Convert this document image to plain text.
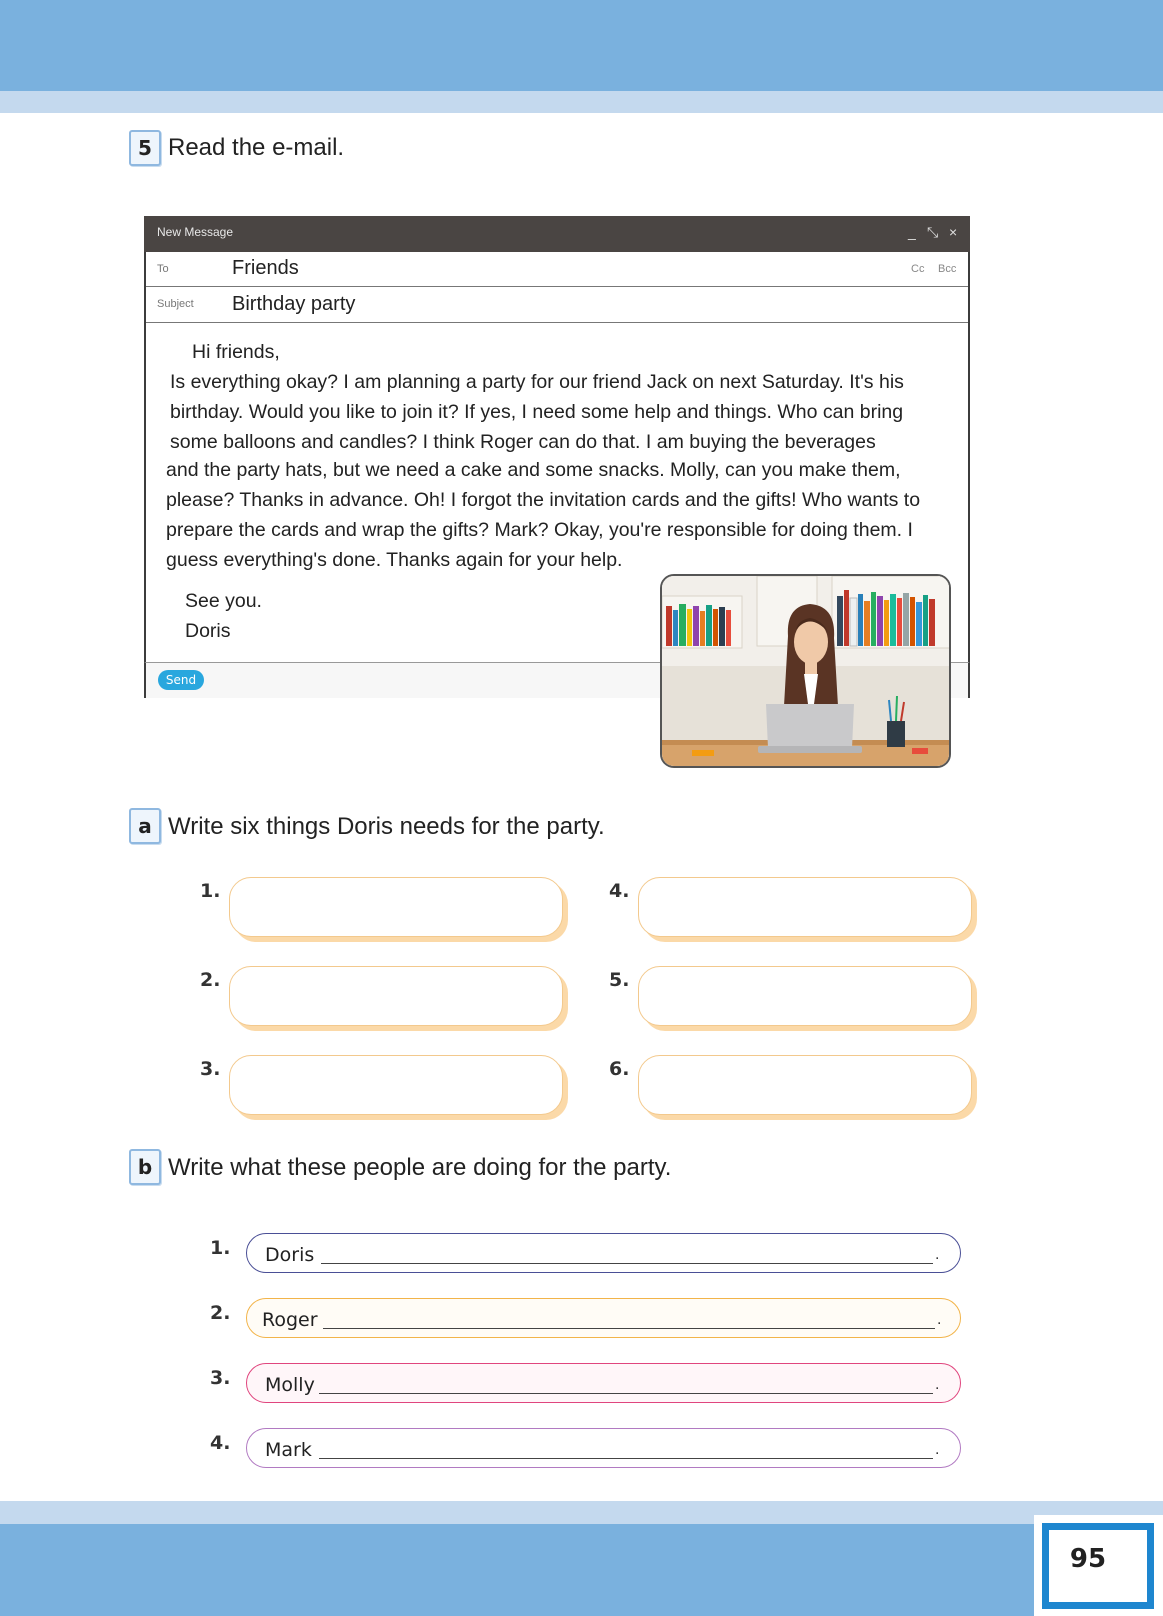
5 Read the e-mail.
New Message	_ ⤡ ×
To	Friends	Cc Bcc
Subject Birthday party
Hi friends,
Is everything okay? I am planning a party for our friend Jack on next Saturday. It's his
birthday. Would you like to join it? If yes, I need some help and things. Who can bring
some balloons and candles? I think Roger can do that. I am buying the beverages
and the party hats, but we need a cake and some snacks. Molly, can you make them,
please? Thanks in advance. Oh! I forgot the invitation cards and the gifts! Who wants to
prepare the cards and wrap the gifts? Mark? Okay, you're responsible for doing them. I
guess everything's done. Thanks again for your help.
See you.
Doris
Send
a Write six things Doris needs for the party.
1.
2.
3.
4.
5.
6.
b Write what these people are doing for the party.
1. Doris	.
2. Roger	.
3. Molly	.
4. Mark	.
95
